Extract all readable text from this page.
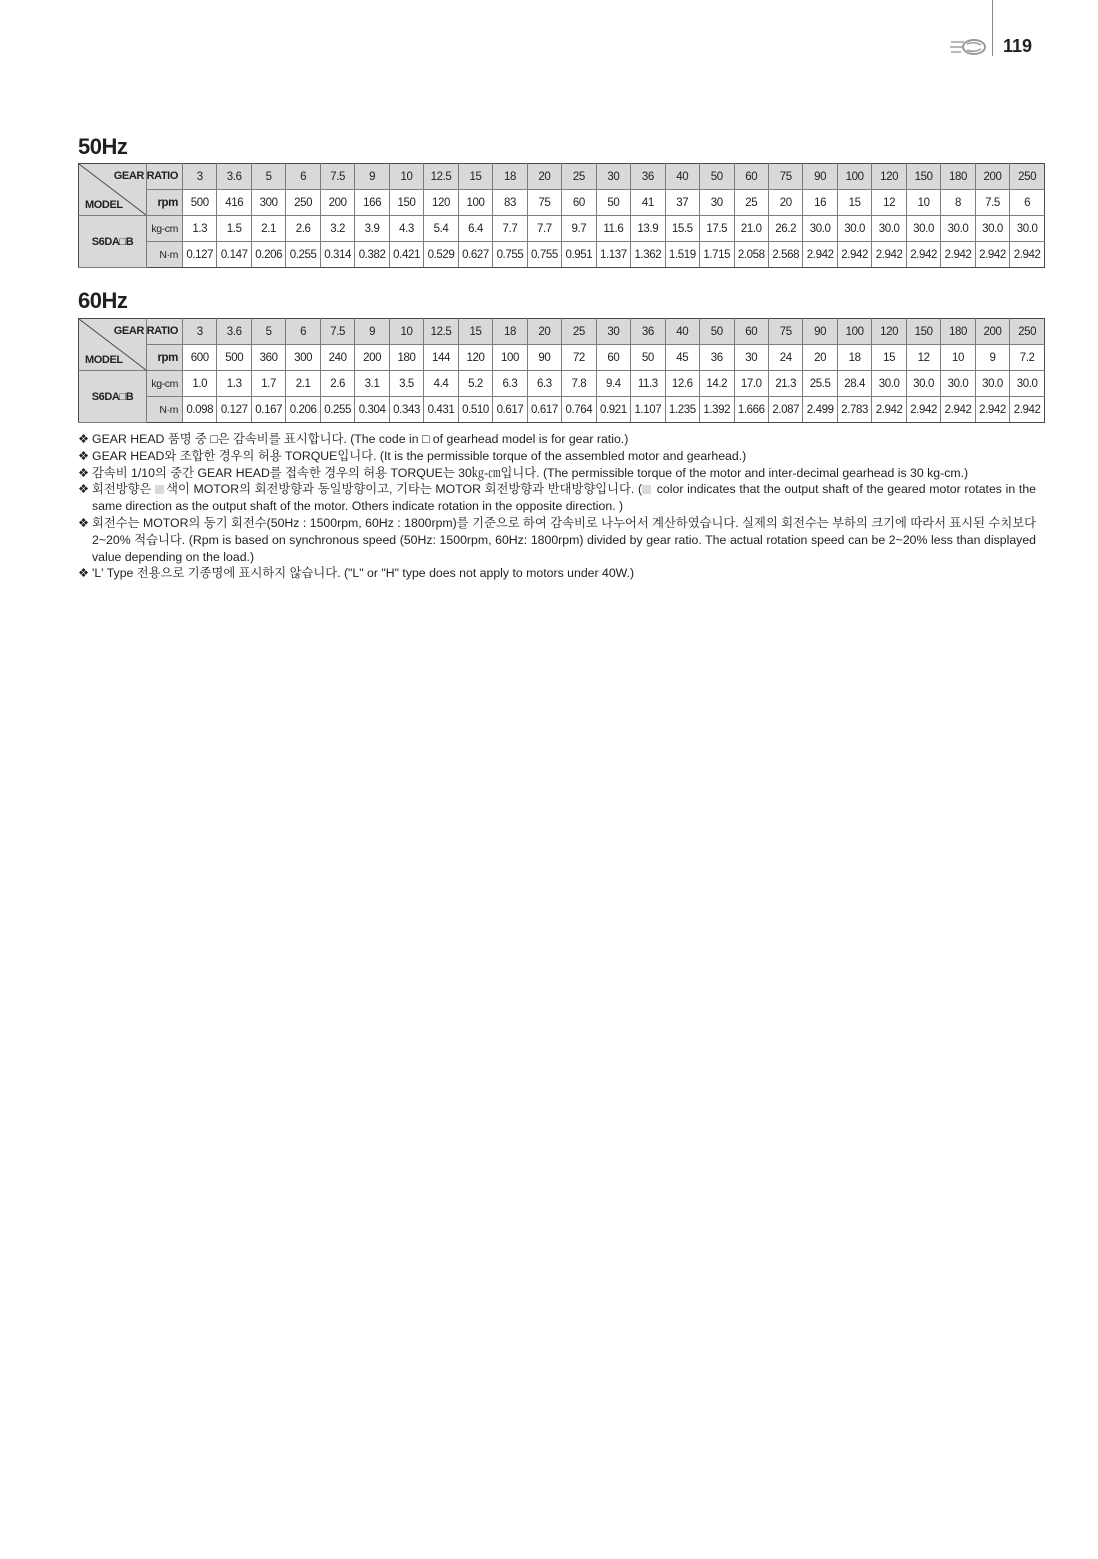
119
50Hz
GEAR RATIO
MODEL		3	3.6	5	6	7.5	9	10	12.5	15	18	20	25	30	36	40	50	60	75	90	100	120	150	180	200	250
	rpm	500	416	300	250	200	166	150	120	100	83	75	60	50	41	37	30	25	20	16	15	12	10	8	7.5	6
S6DA□B	kg-cm	1.3	1.5	2.1	2.6	3.2	3.9	4.3	5.4	6.4	7.7	7.7	9.7	11.6	13.9	15.5	17.5	21.0	26.2	30.0	30.0	30.0	30.0	30.0	30.0	30.0
	N·m	0.127	0.147	0.206	0.255	0.314	0.382	0.421	0.529	0.627	0.755	0.755	0.951	1.137	1.362	1.519	1.715	2.058	2.568	2.942	2.942	2.942	2.942	2.942	2.942	2.942
60Hz
GEAR RATIO
MODEL		3	3.6	5	6	7.5	9	10	12.5	15	18	20	25	30	36	40	50	60	75	90	100	120	150	180	200	250
	rpm	600	500	360	300	240	200	180	144	120	100	90	72	60	50	45	36	30	24	20	18	15	12	10	9	7.2
S6DA□B	kg-cm	1.0	1.3	1.7	2.1	2.6	3.1	3.5	4.4	5.2	6.3	6.3	7.8	9.4	11.3	12.6	14.2	17.0	21.3	25.5	28.4	30.0	30.0	30.0	30.0	30.0
	N·m	0.098	0.127	0.167	0.206	0.255	0.304	0.343	0.431	0.510	0.617	0.617	0.764	0.921	1.107	1.235	1.392	1.666	2.087	2.499	2.783	2.942	2.942	2.942	2.942	2.942
❖ GEAR HEAD 품명 중 □은 감속비를 표시합니다. (The code in □ of gearhead model is for gear ratio.)
❖ GEAR HEAD와 조합한 경우의 허용 TORQUE입니다. (It is the permissible torque of the assembled motor and gearhead.)
❖ 감속비 1/10의 중간 GEAR HEAD를 접속한 경우의 허용 TORQUE는 30㎏-㎝입니다. (The permissible torque of the motor and inter-decimal gearhead is 30 kg-cm.)
❖ 회전방향은 색이 MOTOR의 회전방향과 동일방향이고, 기타는 MOTOR 회전방향과 반대방향입니다. ( color indicates that the output shaft of the geared motor rotates in the same direction as the output shaft of the motor. Others indicate rotation in the opposite direction. )
❖ 회전수는 MOTOR의 동기 회전수(50Hz : 1500rpm, 60Hz : 1800rpm)를 기준으로 하여 감속비로 나누어서 계산하였습니다. 실제의 회전수는 부하의 크기에 따라서 표시된 수치보다 2~20% 적습니다. (Rpm is based on synchronous speed (50Hz: 1500rpm, 60Hz: 1800rpm) divided by gear ratio. The actual rotation speed can be 2~20% less than displayed value depending on the load.)
❖ 'L' Type 전용으로 기종명에 표시하지 않습니다. ("L" or "H" type does not apply to motors under 40W.)
